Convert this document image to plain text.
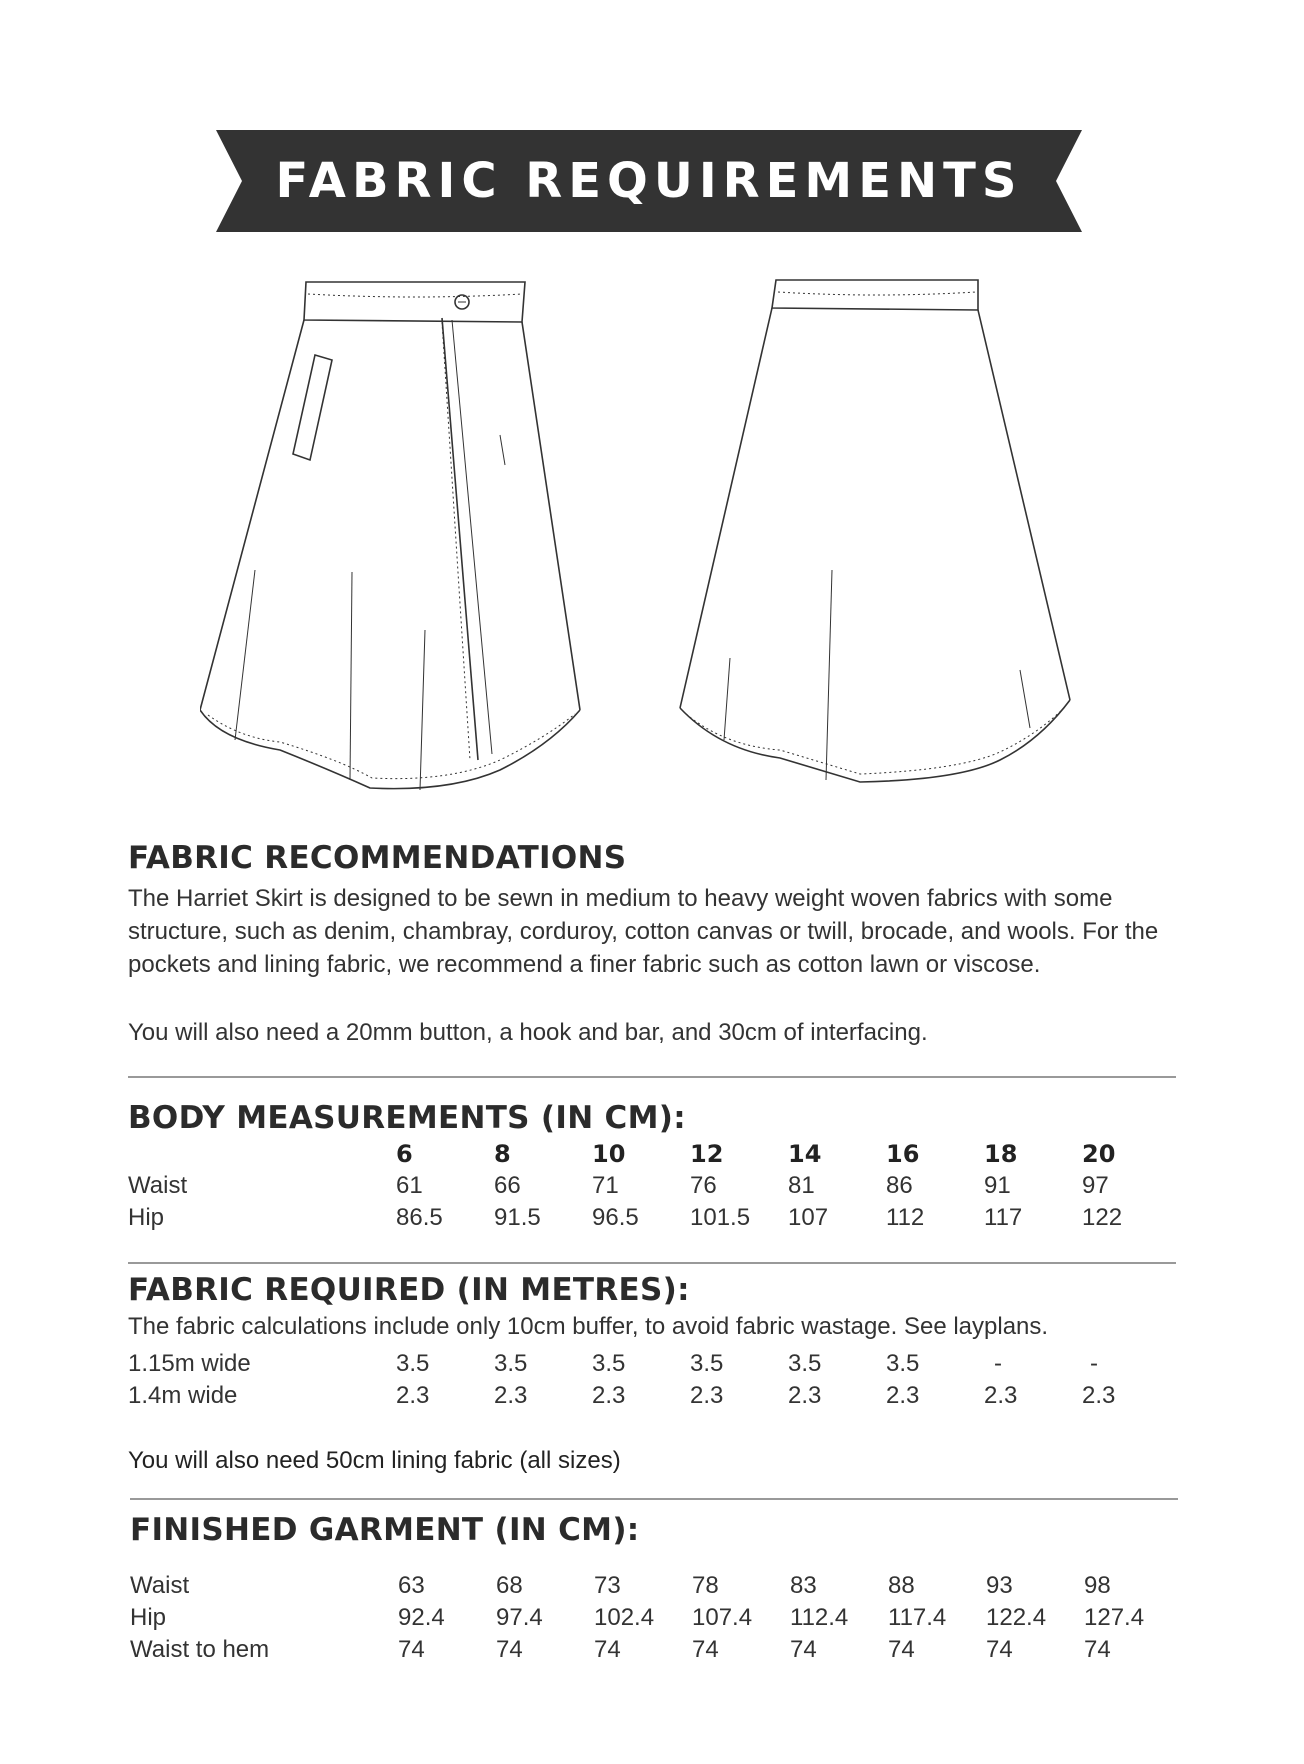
FABRIC REQUIREMENTS
FABRIC RECOMMENDATIONS
The Harriet Skirt is designed to be sewn in medium to heavy weight woven fabrics with some
structure, such as denim, chambray, corduroy, cotton canvas or twill, brocade, and wools. For the
pockets and lining fabric, we recommend a finer fabric such as cotton lawn or viscose.
You will also need a 20mm button, a hook and bar, and 30cm of interfacing.
BODY MEASUREMENTS (IN CM):
6	8	10	12	14	16	18	20
Waist	61	66	71	76	81	86	91	97
Hip	86.5 91.5 96.5 101.5 107 112 117 122
FABRIC REQUIRED (IN METRES):
The fabric calculations include only 10cm buffer, to avoid fabric wastage. See layplans.
1.15m wide	3.5	3.5	3.5	3.5	3.5	3.5	-	-
1.4m wide	2.3	2.3	2.3	2.3	2.3	2.3	2.3	2.3
You will also need 50cm lining fabric (all sizes)
FINISHED GARMENT (IN CM):
Waist	63	68	73	78	83	88	93	98
Hip	92.4 97.4 102.4 107.4 112.4 117.4 122.4 127.4
Waist to hem	74	74	74	74	74	74	74	74
